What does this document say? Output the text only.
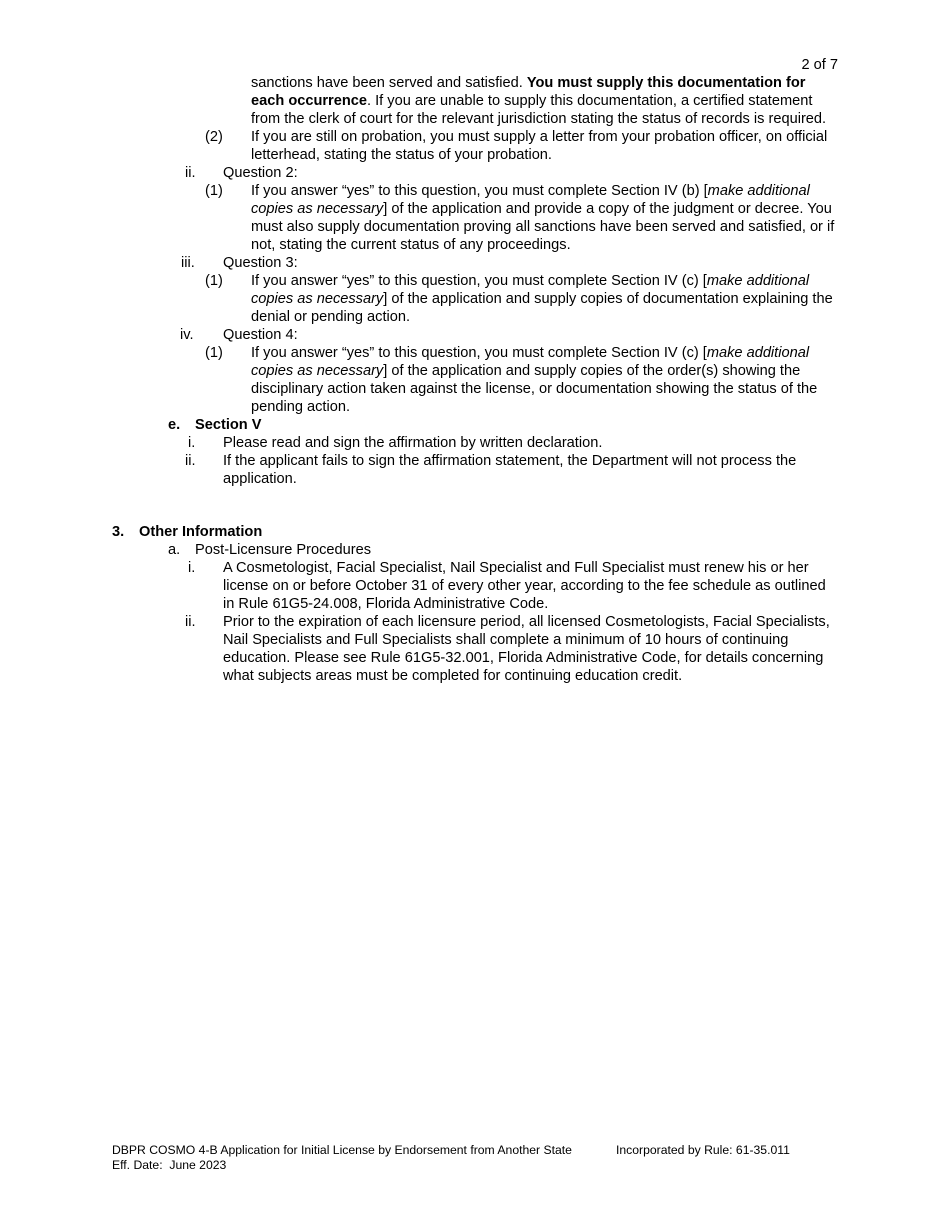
2 of 7
sanctions have been served and satisfied. You must supply this documentation for each occurrence. If you are unable to supply this documentation, a certified statement from the clerk of court for the relevant jurisdiction stating the status of records is required.
(2) If you are still on probation, you must supply a letter from your probation officer, on official letterhead, stating the status of your probation.
ii. Question 2:
(1) If you answer “yes” to this question, you must complete Section IV (b) [make additional copies as necessary] of the application and provide a copy of the judgment or decree. You must also supply documentation proving all sanctions have been served and satisfied, or if not, stating the current status of any proceedings.
iii. Question 3:
(1) If you answer “yes” to this question, you must complete Section IV (c) [make additional copies as necessary] of the application and supply copies of documentation explaining the denial or pending action.
iv. Question 4:
(1) If you answer “yes” to this question, you must complete Section IV (c) [make additional copies as necessary] of the application and supply copies of the order(s) showing the disciplinary action taken against the license, or documentation showing the status of the pending action.
e. Section V
i. Please read and sign the affirmation by written declaration.
ii. If the applicant fails to sign the affirmation statement, the Department will not process the application.
3. Other Information
a. Post-Licensure Procedures
i. A Cosmetologist, Facial Specialist, Nail Specialist and Full Specialist must renew his or her license on or before October 31 of every other year, according to the fee schedule as outlined in Rule 61G5-24.008, Florida Administrative Code.
ii. Prior to the expiration of each licensure period, all licensed Cosmetologists, Facial Specialists, Nail Specialists and Full Specialists shall complete a minimum of 10 hours of continuing education. Please see Rule 61G5-32.001, Florida Administrative Code, for details concerning what subjects areas must be completed for continuing education credit.
DBPR COSMO 4-B Application for Initial License by Endorsement from Another State	Incorporated by Rule: 61-35.011

Eff. Date:  June 2023
